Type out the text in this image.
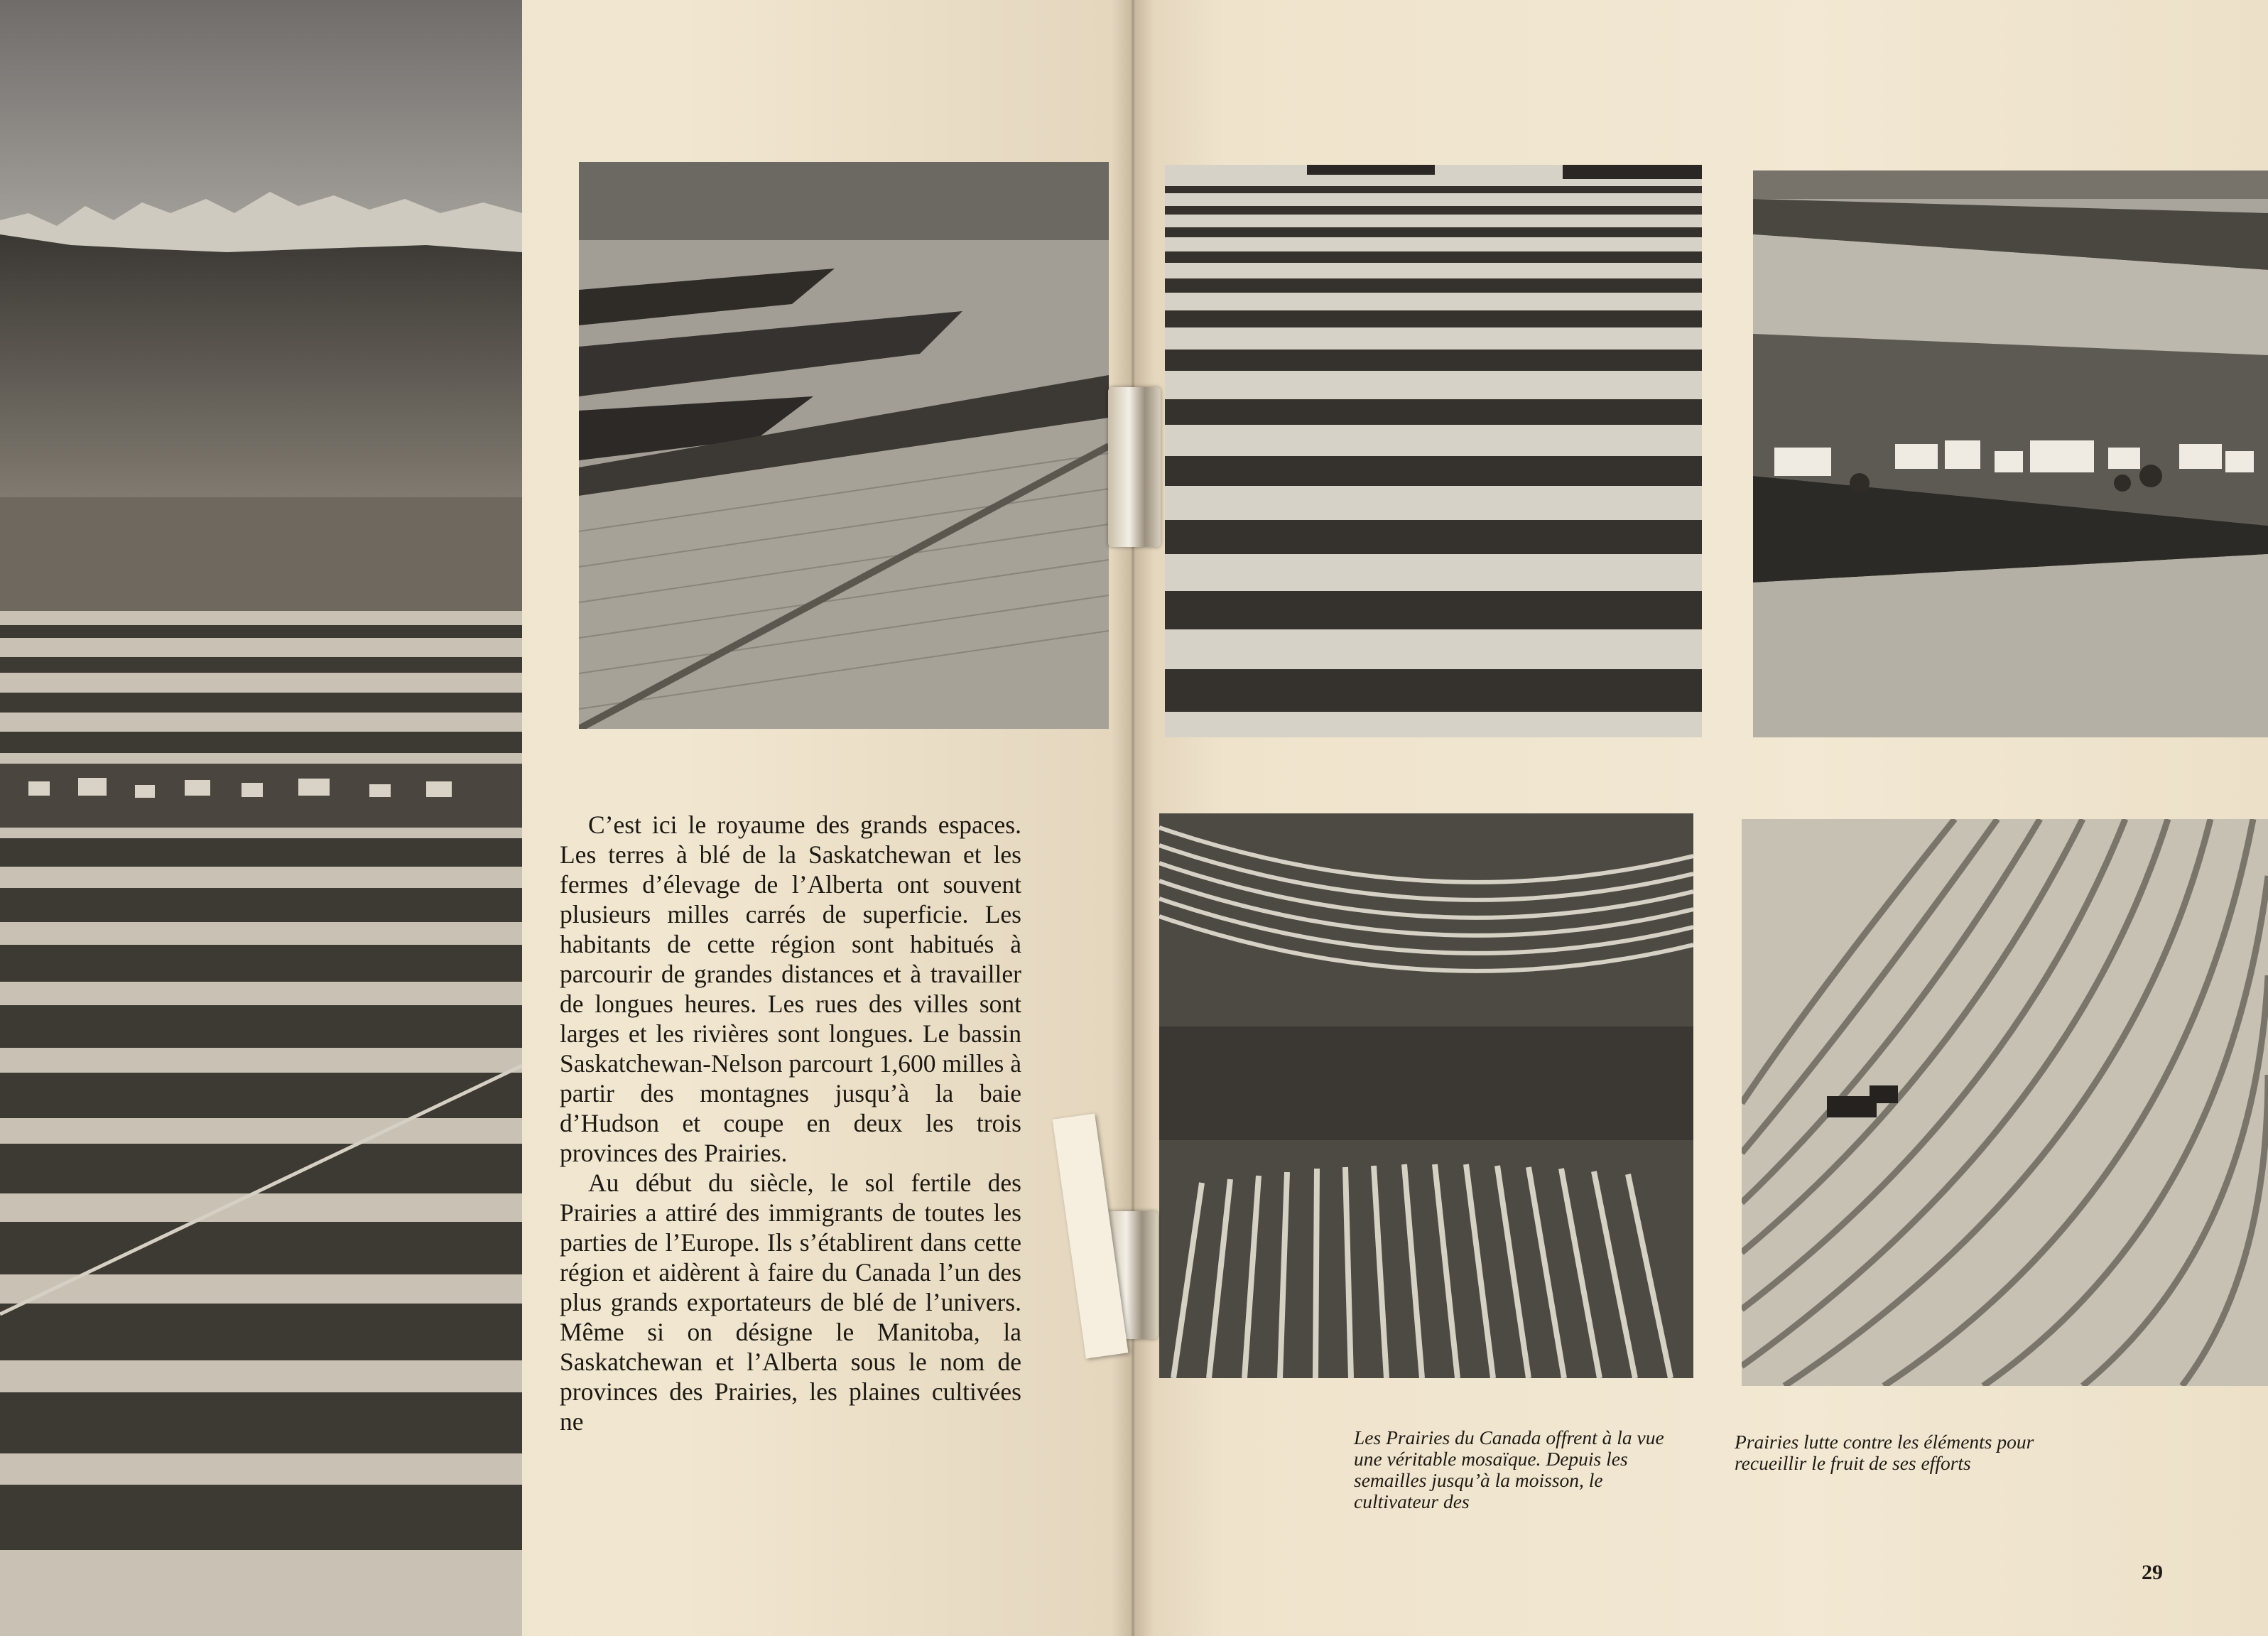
C’est ici le royaume des grands espaces. Les terres à blé de la Saskatchewan et les fermes d’élevage de l’Alberta ont souvent plusieurs milles carrés de superficie. Les habitants de cette région sont habitués à parcourir de grandes distances et à travailler de longues heures. Les rues des villes sont larges et les rivières sont longues. Le bassin Saskatchewan-Nelson parcourt 1,600 milles à partir des montagnes jusqu’à la baie d’Hudson et coupe en deux les trois provinces des Prairies.

Au début du siècle, le sol fertile des Prairies a attiré des immigrants de toutes les parties de l’Europe. Ils s’établirent dans cette région et aidèrent à faire du Canada l’un des plus grands exportateurs de blé de l’univers. Même si on désigne le Manitoba, la Saskatchewan et l’Alberta sous le nom de provinces des Prairies, les plaines cultivées ne

Les Prairies du Canada offrent à la vue une véritable mosaïque. Depuis les semailles jusqu’à la moisson, le cultivateur des
Prairies lutte contre les éléments pour recueillir le fruit de ses efforts
29
